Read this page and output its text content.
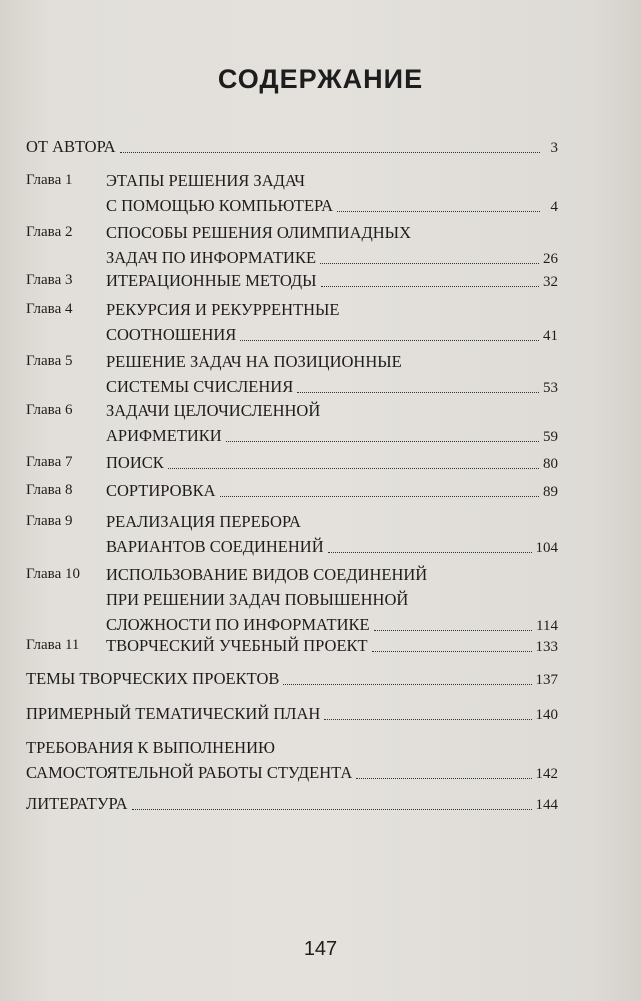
СОДЕРЖАНИЕ
ОТ АВТОРА	3
Глава 1	ЭТАПЫ РЕШЕНИЯ ЗАДАЧ
С ПОМОЩЬЮ КОМПЬЮТЕРА	4
Глава 2	СПОСОБЫ РЕШЕНИЯ ОЛИМПИАДНЫХ
ЗАДАЧ ПО ИНФОРМАТИКЕ	26
Глава 3	ИТЕРАЦИОННЫЕ МЕТОДЫ	32
Глава 4	РЕКУРСИЯ И РЕКУРРЕНТНЫЕ
СООТНОШЕНИЯ	41
Глава 5	РЕШЕНИЕ ЗАДАЧ НА ПОЗИЦИОННЫЕ
СИСТЕМЫ СЧИСЛЕНИЯ	53
Глава 6	ЗАДАЧИ ЦЕЛОЧИСЛЕННОЙ
АРИФМЕТИКИ	59
Глава 7	ПОИСК	80
Глава 8	СОРТИРОВКА	89
Глава 9	РЕАЛИЗАЦИЯ ПЕРЕБОРА
ВАРИАНТОВ СОЕДИНЕНИЙ	104
Глава 10	ИСПОЛЬЗОВАНИЕ ВИДОВ СОЕДИНЕНИЙ
ПРИ РЕШЕНИИ ЗАДАЧ ПОВЫШЕННОЙ
СЛОЖНОСТИ ПО ИНФОРМАТИКЕ	114
Глава 11	ТВОРЧЕСКИЙ УЧЕБНЫЙ ПРОЕКТ	133
ТЕМЫ ТВОРЧЕСКИХ ПРОЕКТОВ	137
ПРИМЕРНЫЙ ТЕМАТИЧЕСКИЙ ПЛАН	140
ТРЕБОВАНИЯ К ВЫПОЛНЕНИЮ
САМОСТОЯТЕЛЬНОЙ РАБОТЫ СТУДЕНТА	142
ЛИТЕРАТУРА	144
147
